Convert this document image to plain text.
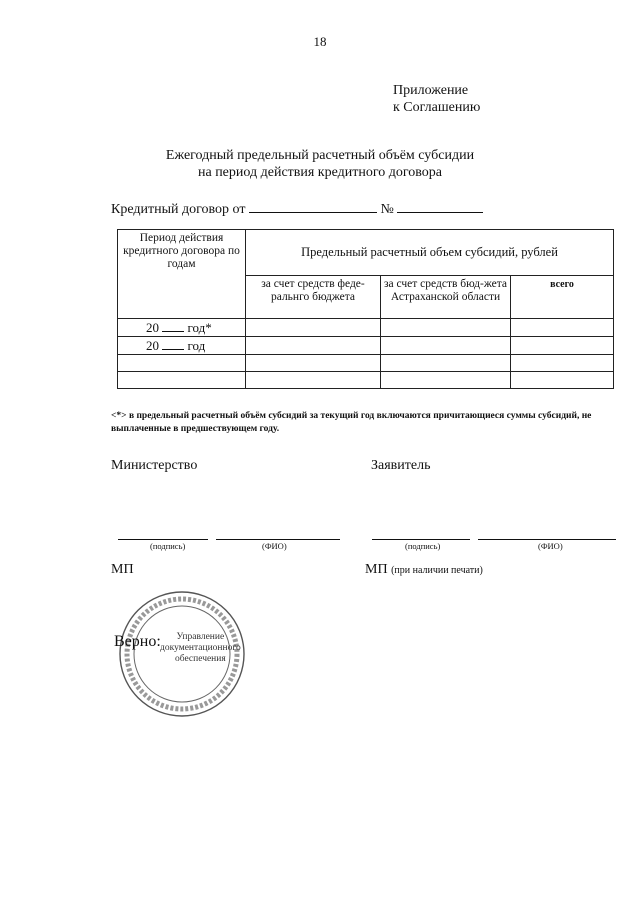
18
Приложение
к Соглашению
Ежегодный предельный расчетный объём субсидии
на период действия кредитного договора
Кредитный договор от	№
Период действия кредитного договора по годам	Предельный расчетный объем субсидий, рублей		
	за счет средств феде-ральнго бюджета	за счет средств бюд-жета Астраханской области	всего
20 год*			
20 год			

<*> в предельный расчетный объём субсидий за текущий год включаются причитающиеся суммы субсидий, не выплаченные в предшествующем году.
Министерство	Заявитель
(подпись)	(ФИО)	(подпись)	(ФИО)
МП	МП (при наличии печати)
Управление
документационного
обеспечения
Верно:
